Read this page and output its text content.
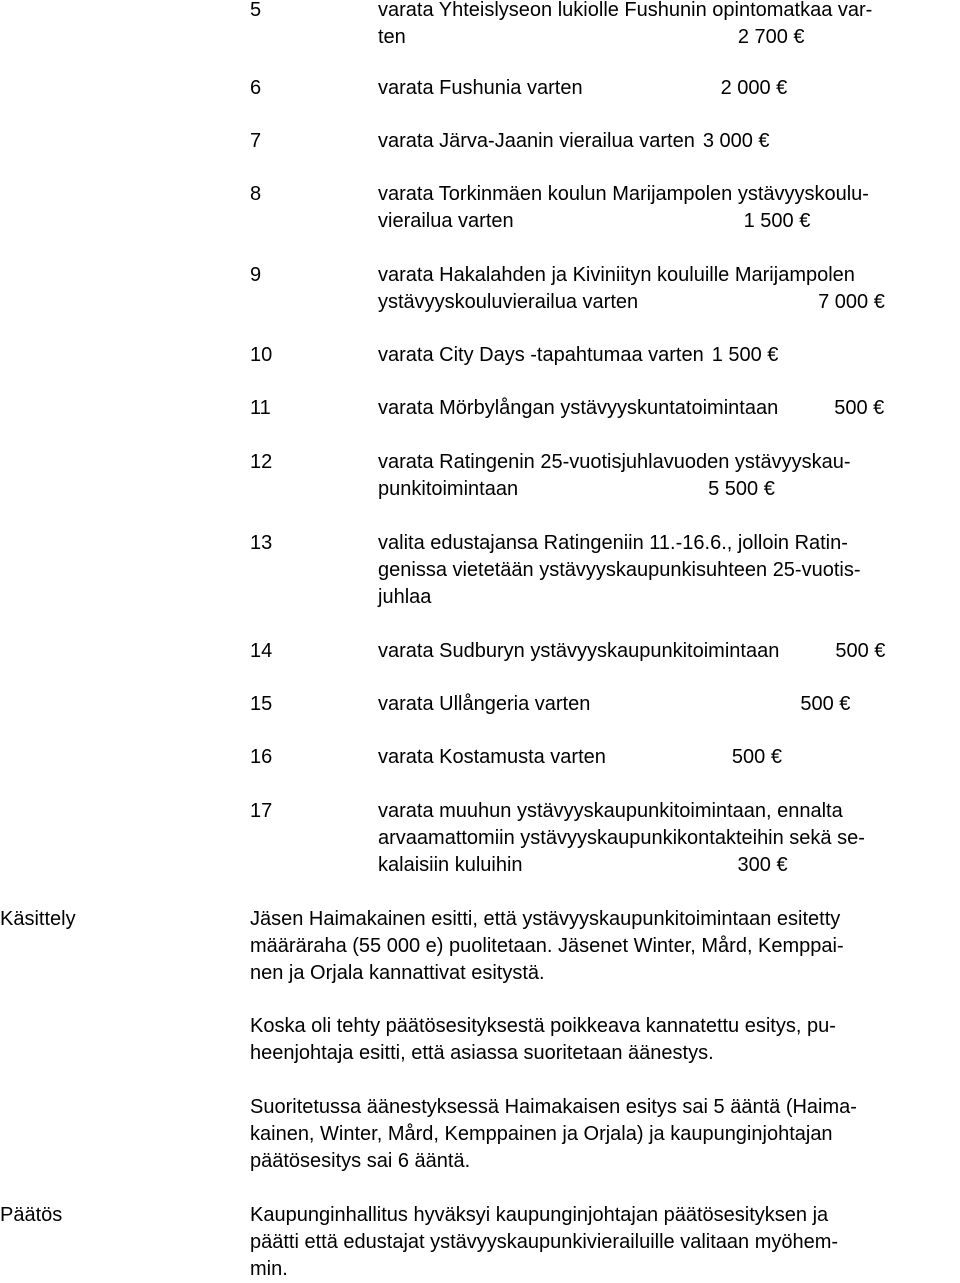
5	varata Yhteislyseon lukiolle Fushunin opintomatkaa var-
ten	2 700 €
6	varata Fushunia varten	2 000 €
7	varata Järva-Jaanin vierailua varten 3 000 €
8	varata Torkinmäen koulun Marijampolen ystävyyskoulu-
vierailua varten	1 500 €
9	varata Hakalahden ja Kiviniityn kouluille Marijampolen
ystävyyskouluvierailua varten	7 000 €
10	varata City Days -tapahtumaa varten 1 500 €
11	varata Mörbylångan ystävyyskuntatoimintaan	500 €
12	varata Ratingenin 25-vuotisjuhlavuoden ystävyyskau-
punkitoimintaan	5 500 €
13	valita edustajansa Ratingeniin 11.-16.6., jolloin Ratin-
genissa vietetään ystävyyskaupunkisuhteen 25-vuotis-
juhlaa
14	varata Sudburyn ystävyyskaupunkitoimintaan	500 €
15	varata Ullångeria varten	500 €
16	varata Kostamusta varten	500 €
17	varata muuhun ystävyyskaupunkitoimintaan, ennalta
arvaamattomiin ystävyyskaupunkikontakteihin sekä se-
kalaisiin kuluihin	300 €
Käsittely	Jäsen Haimakainen esitti, että ystävyyskaupunkitoimintaan esitetty
määräraha (55 000 e) puolitetaan. Jäsenet Winter, Mård, Kemppai-
nen ja Orjala kannattivat esitystä.
Koska oli tehty päätösesityksestä poikkeava kannatettu esitys, pu-
heenjohtaja esitti, että asiassa suoritetaan äänestys.
Suoritetussa äänestyksessä Haimakaisen esitys sai 5 ääntä (Haima-
kainen, Winter, Mård, Kemppainen ja Orjala) ja kaupunginjohtajan
päätösesitys sai 6 ääntä.
Päätös	Kaupunginhallitus hyväksyi kaupunginjohtajan päätösesityksen ja
päätti että edustajat ystävyyskaupunkivierailuille valitaan myöhem-
min.
